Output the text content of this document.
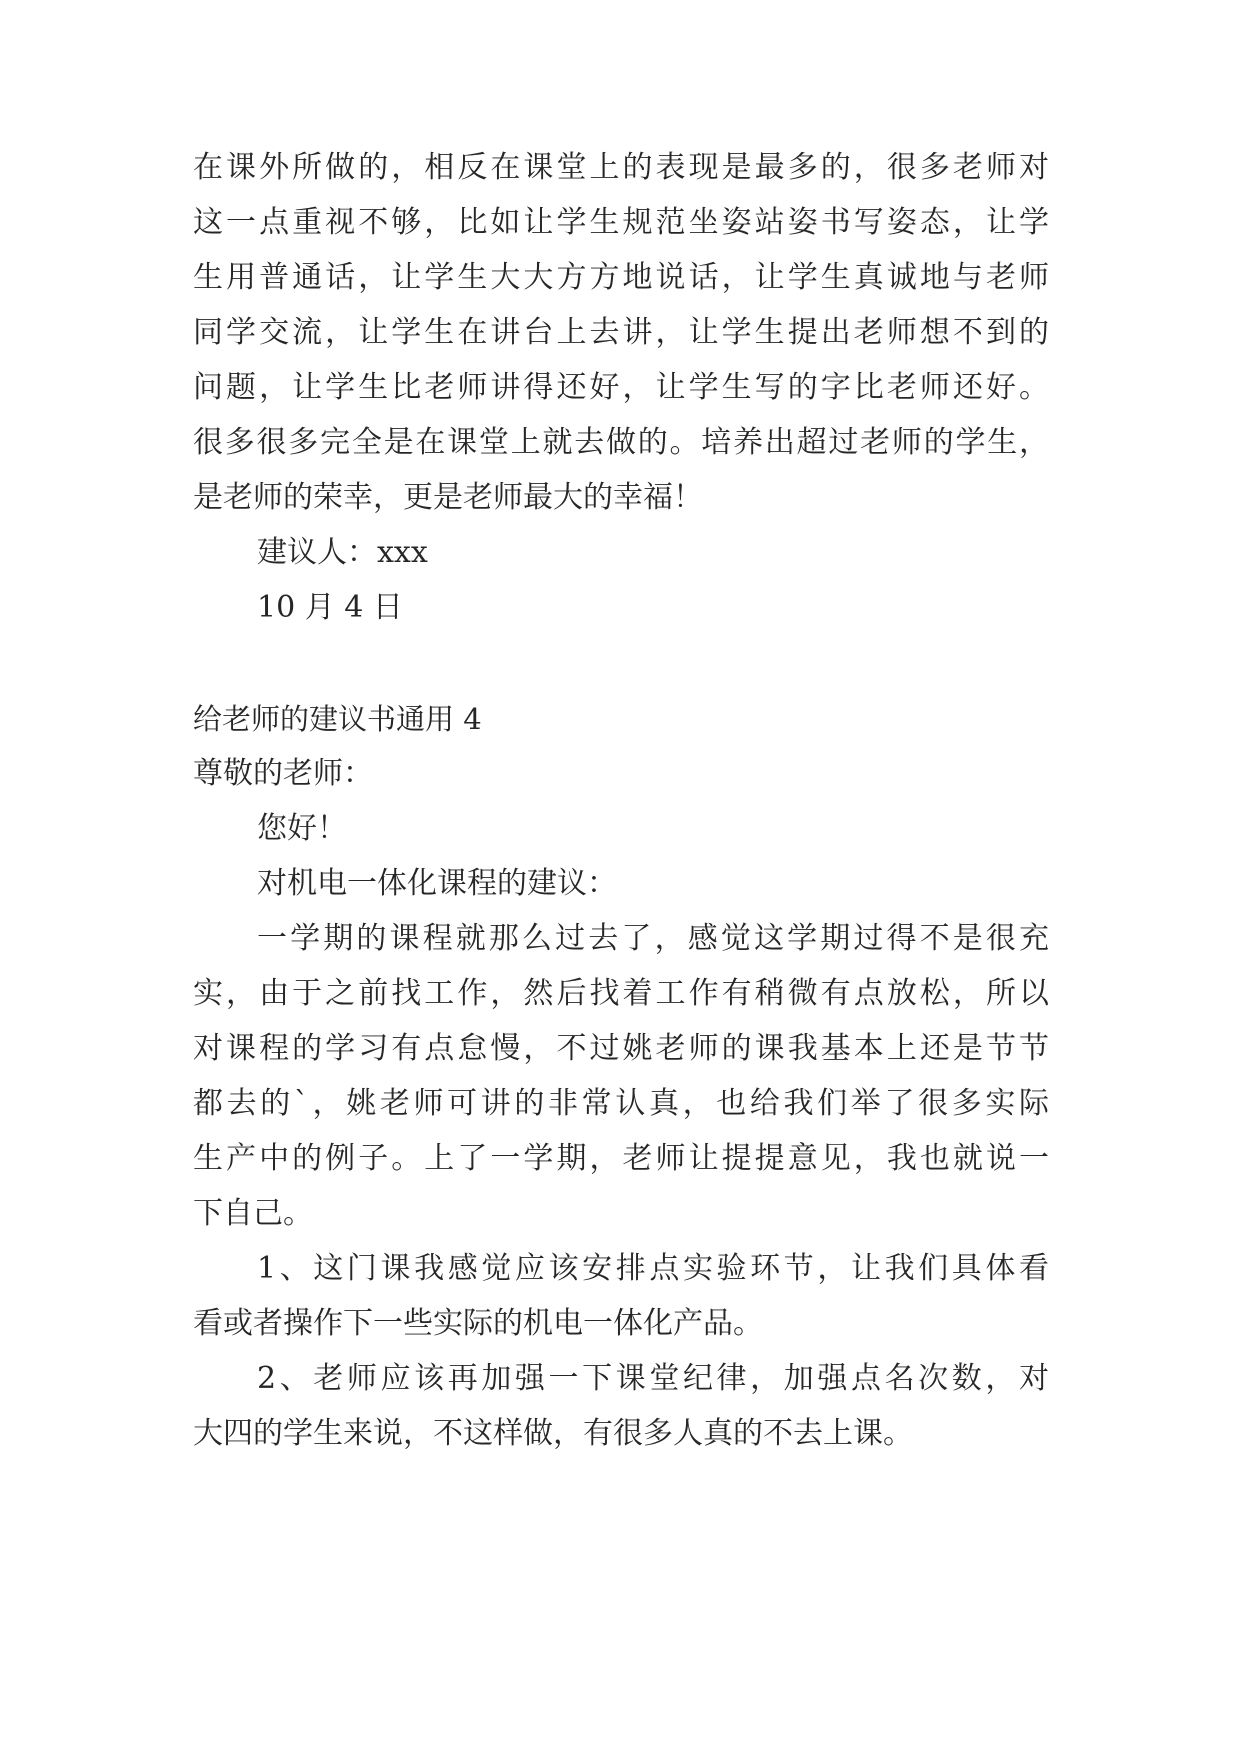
在课外所做的，相反在课堂上的表现是最多的，很多老师对
这一点重视不够，比如让学生规范坐姿站姿书写姿态，让学
生用普通话，让学生大大方方地说话，让学生真诚地与老师
同学交流，让学生在讲台上去讲，让学生提出老师想不到的
问题，让学生比老师讲得还好，让学生写的字比老师还好。
很多很多完全是在课堂上就去做的。培养出超过老师的学生，
是老师的荣幸，更是老师最大的幸福！
建议人：xxx
10 月 4 日
给老师的建议书通用 4
尊敬的老师：
您好！
对机电一体化课程的建议：
一学期的课程就那么过去了，感觉这学期过得不是很充
实，由于之前找工作，然后找着工作有稍微有点放松，所以
对课程的学习有点怠慢，不过姚老师的课我基本上还是节节
都去的`，姚老师可讲的非常认真，也给我们举了很多实际
生产中的例子。上了一学期，老师让提提意见，我也就说一
下自己。
1、这门课我感觉应该安排点实验环节，让我们具体看
看或者操作下一些实际的机电一体化产品。
2、老师应该再加强一下课堂纪律，加强点名次数，对
大四的学生来说，不这样做，有很多人真的不去上课。
